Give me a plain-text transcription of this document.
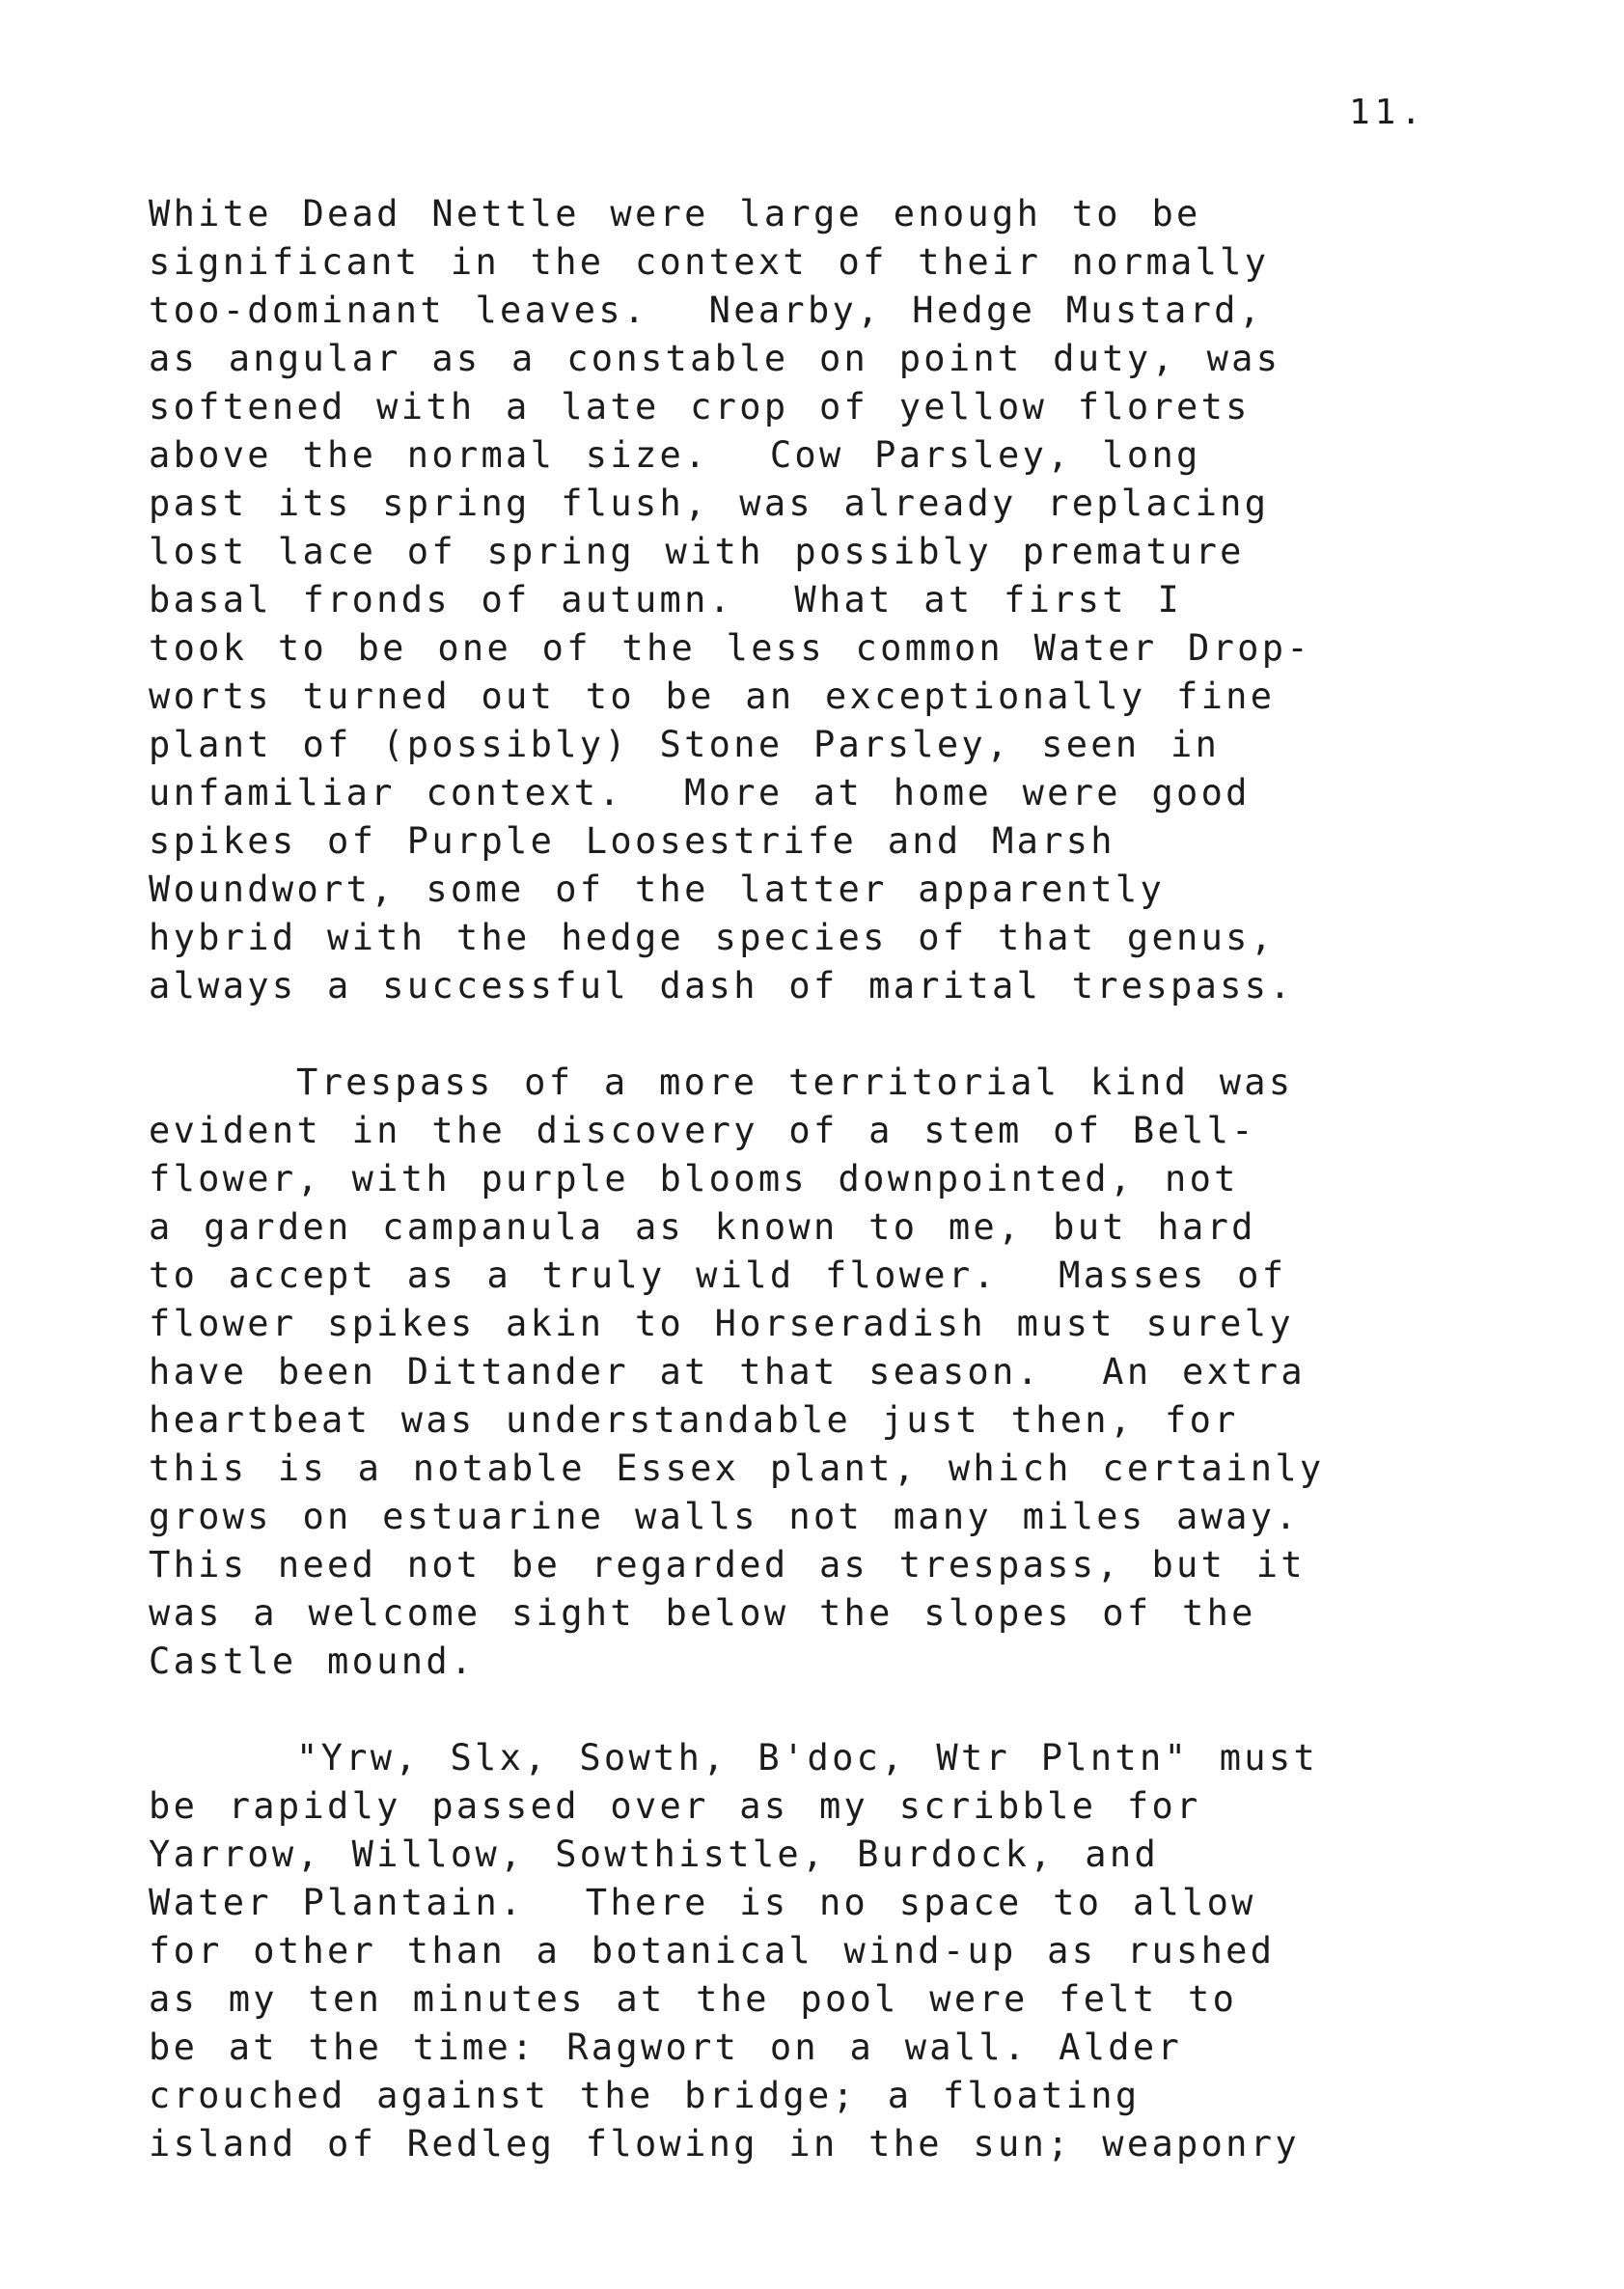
11.
White Dead Nettle were large enough to be
significant in the context of their normally
too-dominant leaves.  Nearby, Hedge Mustard,
as angular as a constable on point duty, was
softened with a late crop of yellow florets
above the normal size.  Cow Parsley, long
past its spring flush, was already replacing
lost lace of spring with possibly premature
basal fronds of autumn.  What at first I
took to be one of the less common Water Drop-
worts turned out to be an exceptionally fine
plant of (possibly) Stone Parsley, seen in
unfamiliar context.  More at home were good
spikes of Purple Loosestrife and Marsh
Woundwort, some of the latter apparently
hybrid with the hedge species of that genus,
always a successful dash of marital trespass.
Trespass of a more territorial kind was
evident in the discovery of a stem of Bell-
flower, with purple blooms downpointed, not
a garden campanula as known to me, but hard
to accept as a truly wild flower.  Masses of
flower spikes akin to Horseradish must surely
have been Dittander at that season.  An extra
heartbeat was understandable just then, for
this is a notable Essex plant, which certainly
grows on estuarine walls not many miles away.
This need not be regarded as trespass, but it
was a welcome sight below the slopes of the
Castle mound.
"Yrw, Slx, Sowth, B'doc, Wtr Plntn" must
be rapidly passed over as my scribble for
Yarrow, Willow, Sowthistle, Burdock, and
Water Plantain.  There is no space to allow
for other than a botanical wind-up as rushed
as my ten minutes at the pool were felt to
be at the time: Ragwort on a wall. Alder
crouched against the bridge; a floating
island of Redleg flowing in the sun; weaponry
